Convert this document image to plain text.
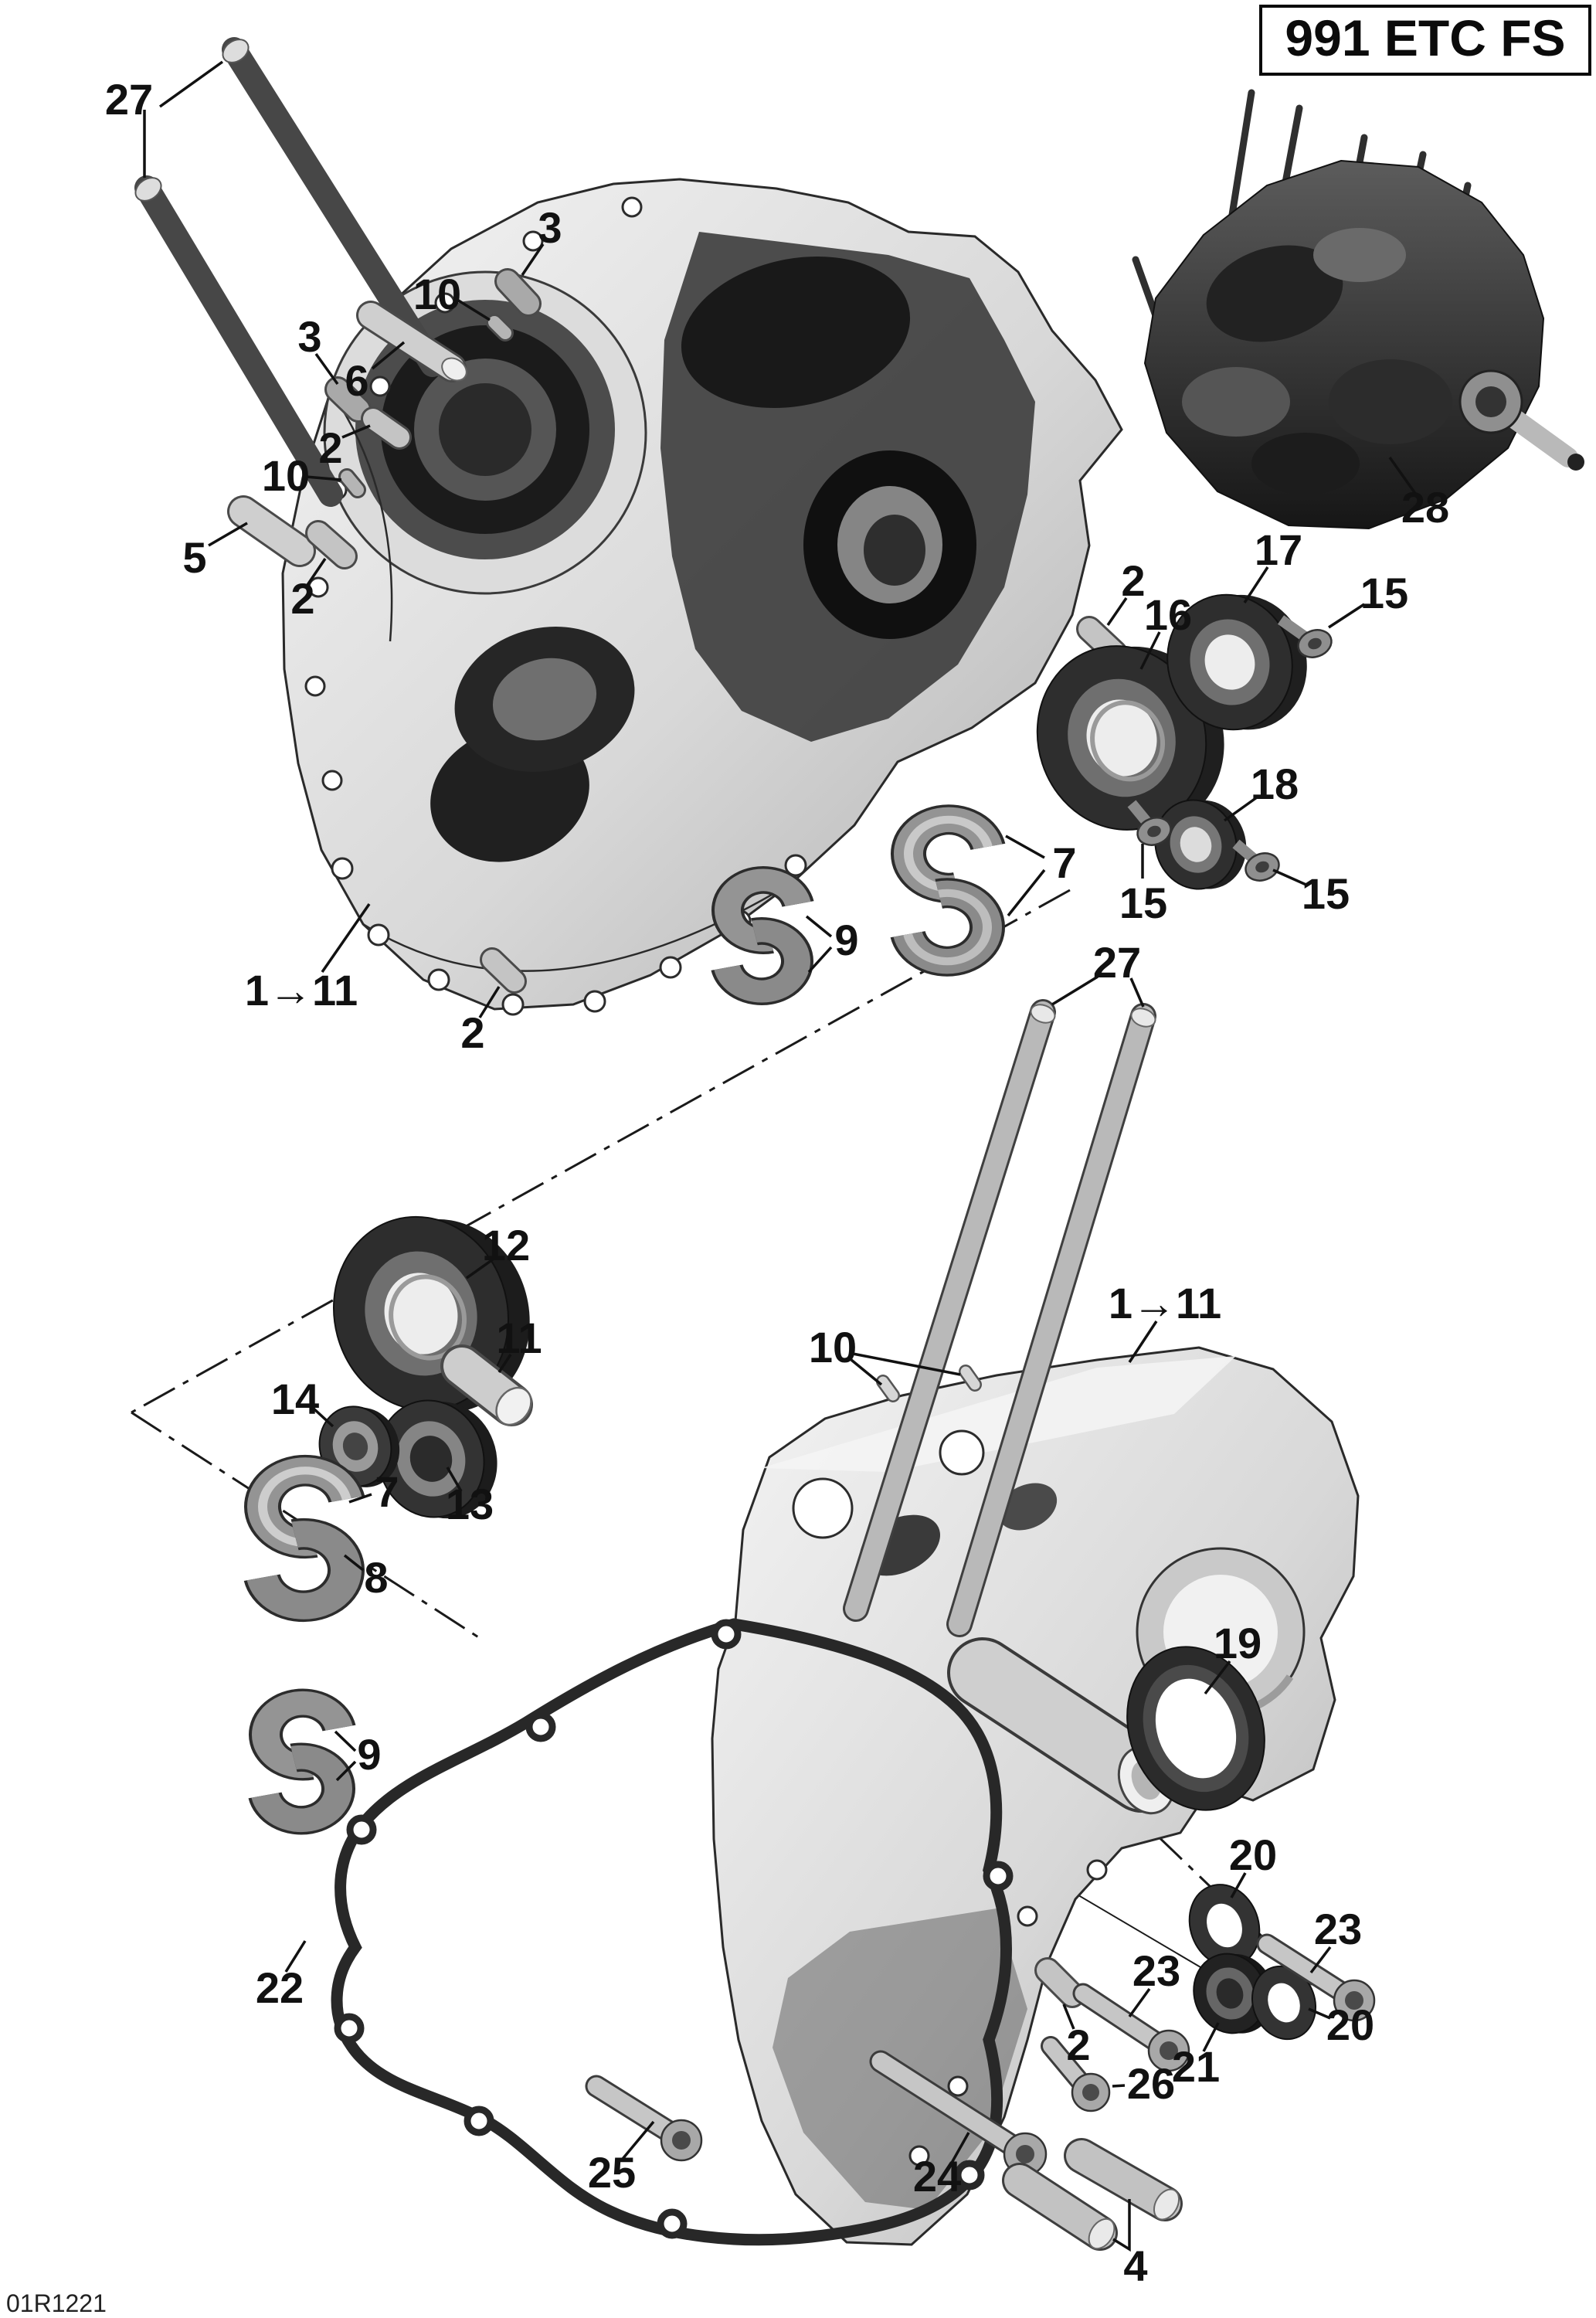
27
3
10
3
6
2
10
5
2	2
16
17
15
18
15	15
7
9
1→11
2
27
1→11
10
12
11
14
13
7
8
9
22
19
20
23
23
21
20
2
26
24
25
4
28
991 ETC FS
01R1221
